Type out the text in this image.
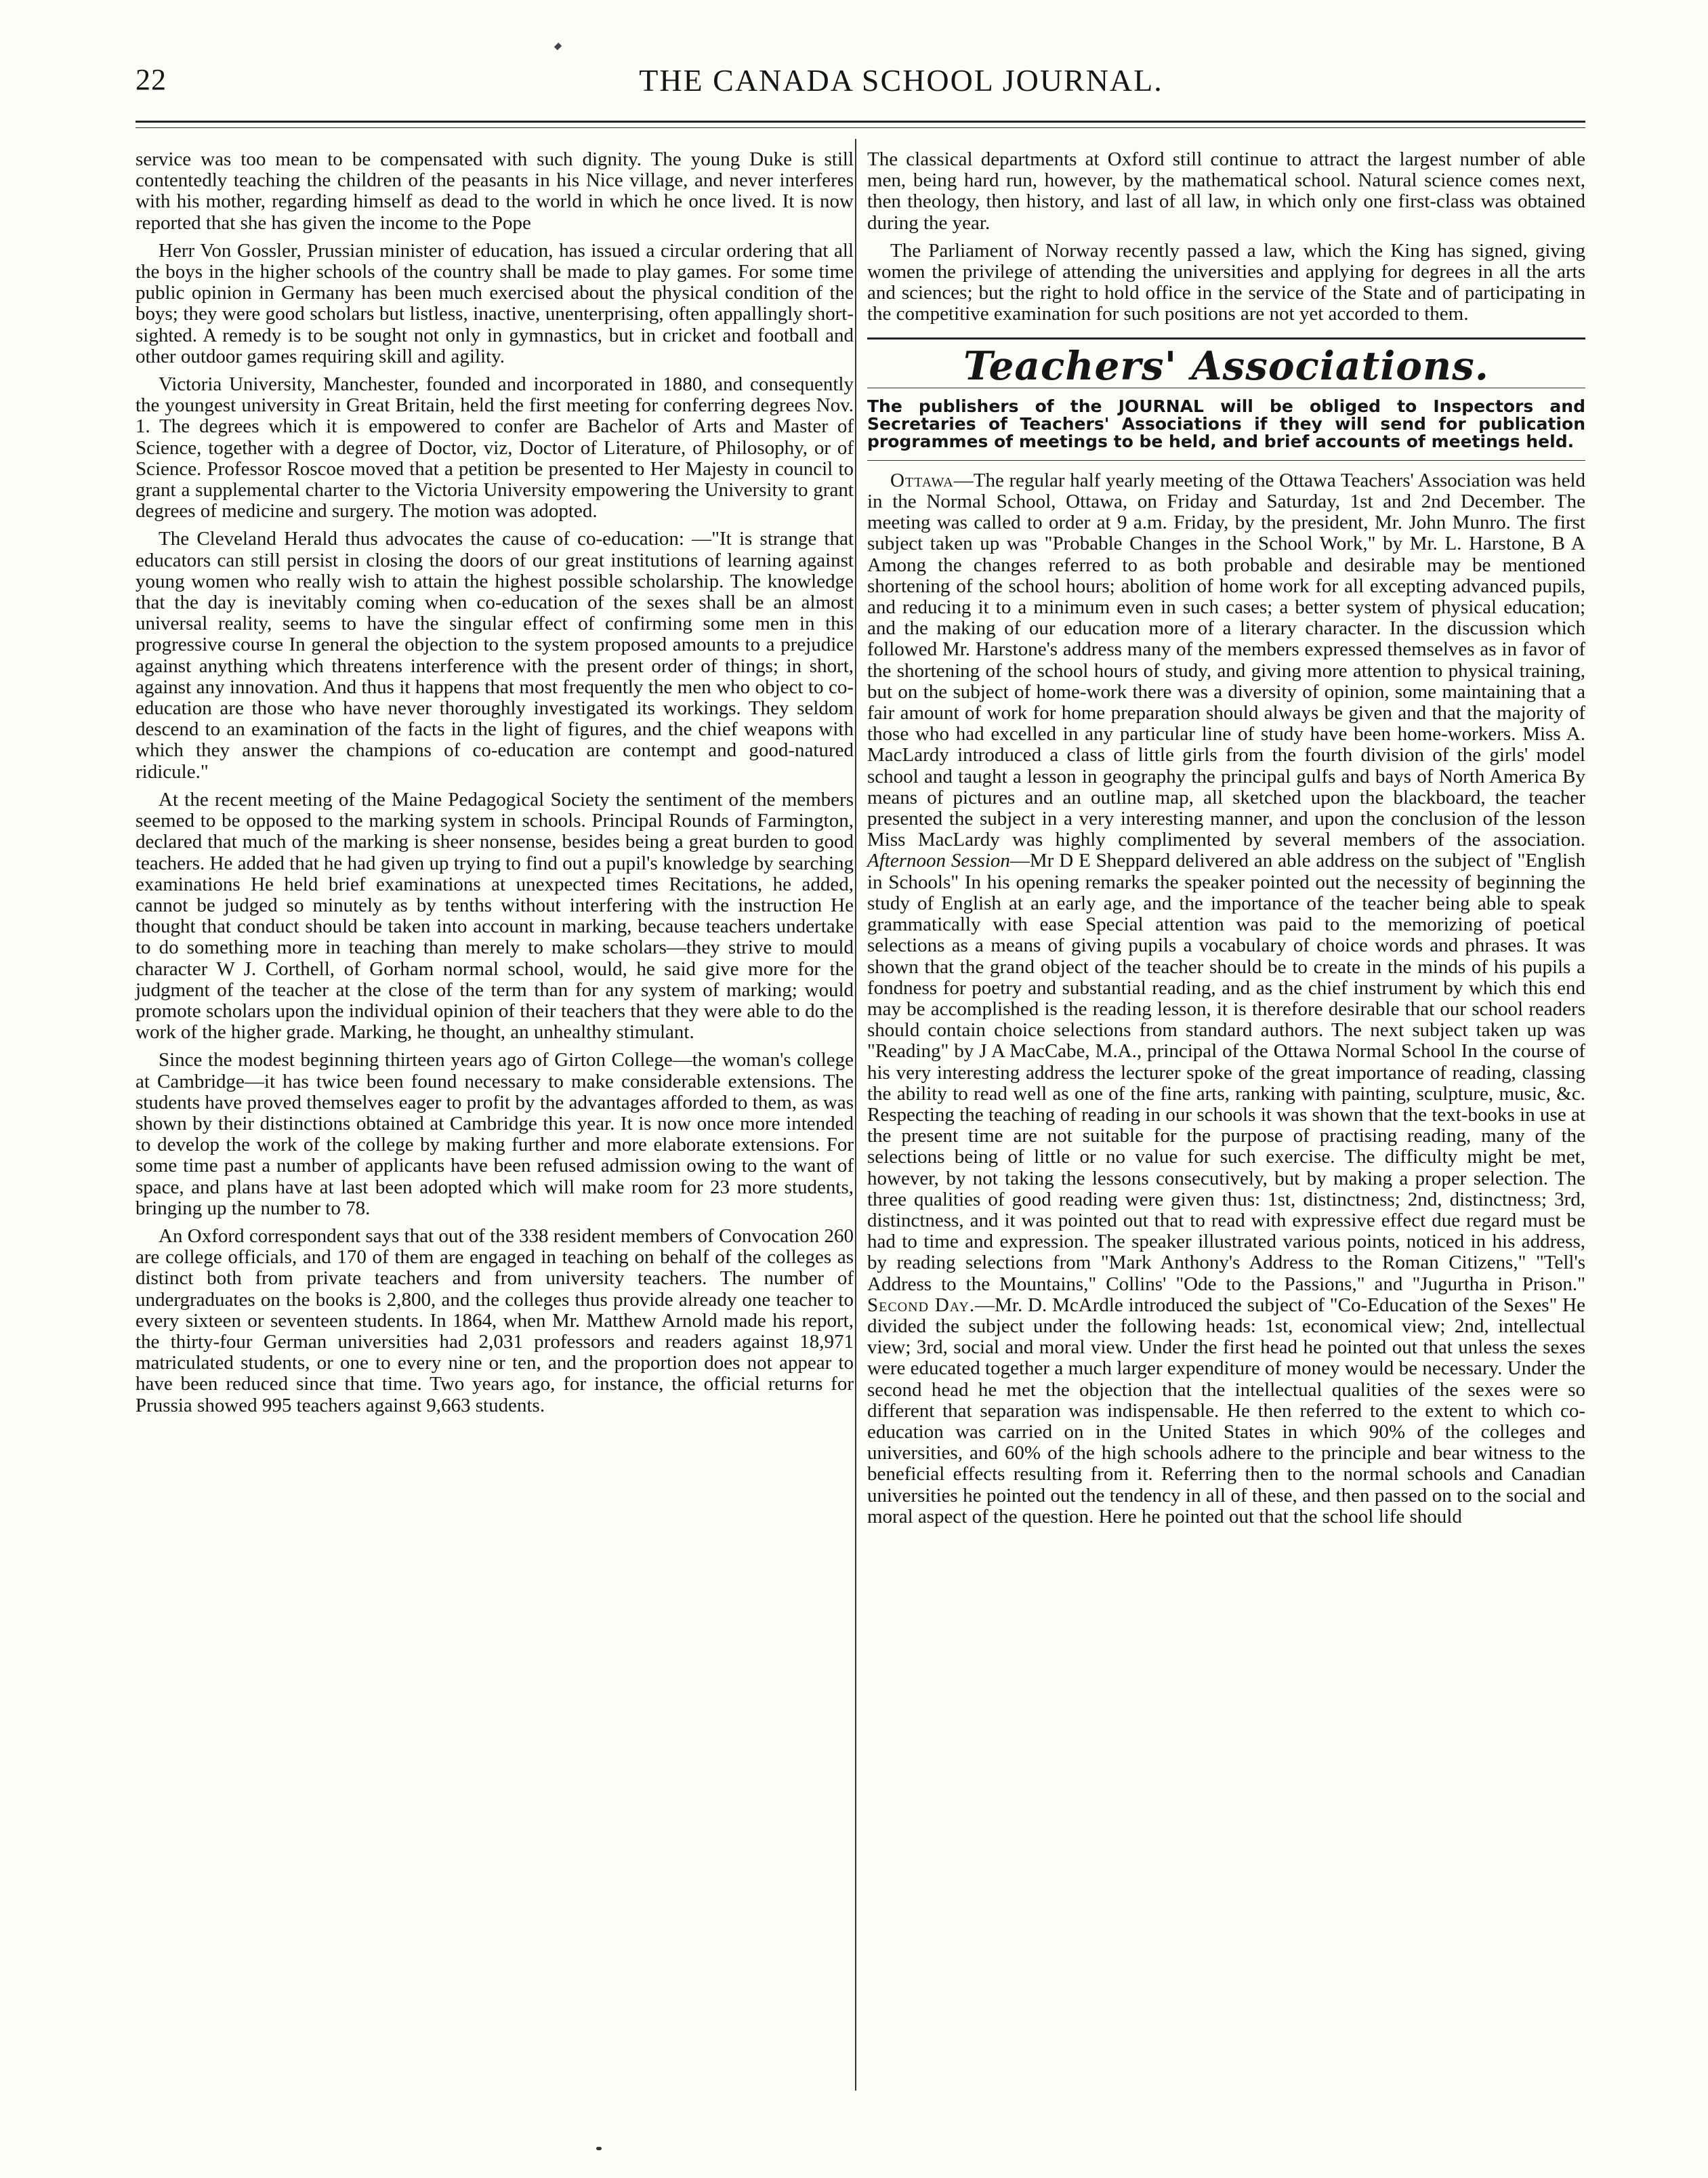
22	THE CANADA SCHOOL JOURNAL.

service was too mean to be compensated with such dignity. The young Duke is still contentedly teaching the children of the peasants in his Nice village, and never interferes with his mother, regarding himself as dead to the world in which he once lived. It is now reported that she has given the income to the Pope

Herr Von Gossler, Prussian minister of education, has issued a circular ordering that all the boys in the higher schools of the country shall be made to play games. For some time public opinion in Germany has been much exercised about the physical condition of the boys; they were good scholars but listless, inactive, unenterprising, often appallingly short-sighted. A remedy is to be sought not only in gymnastics, but in cricket and football and other outdoor games requiring skill and agility.

Victoria University, Manchester, founded and incorporated in 1880, and consequently the youngest university in Great Britain, held the first meeting for conferring degrees Nov. 1. The degrees which it is empowered to confer are Bachelor of Arts and Master of Science, together with a degree of Doctor, viz, Doctor of Literature, of Philosophy, or of Science. Professor Roscoe moved that a petition be presented to Her Majesty in council to grant a supplemental charter to the Victoria University empowering the University to grant degrees of medicine and surgery. The motion was adopted.

The Cleveland Herald thus advocates the cause of co-education: —"It is strange that educators can still persist in closing the doors of our great institutions of learning against young women who really wish to attain the highest possible scholarship. The knowledge that the day is inevitably coming when co-education of the sexes shall be an almost universal reality, seems to have the singular effect of confirming some men in this progressive course In general the objection to the system proposed amounts to a prejudice against anything which threatens interference with the present order of things; in short, against any innovation. And thus it happens that most frequently the men who object to co-education are those who have never thoroughly investigated its workings. They seldom descend to an examination of the facts in the light of figures, and the chief weapons with which they answer the champions of co-education are contempt and good-natured ridicule."

At the recent meeting of the Maine Pedagogical Society the sentiment of the members seemed to be opposed to the marking system in schools. Principal Rounds of Farmington, declared that much of the marking is sheer nonsense, besides being a great burden to good teachers. He added that he had given up trying to find out a pupil's knowledge by searching examinations He held brief examinations at unexpected times Recitations, he added, cannot be judged so minutely as by tenths without interfering with the instruction He thought that conduct should be taken into account in marking, because teachers undertake to do something more in teaching than merely to make scholars—they strive to mould character W J. Corthell, of Gorham normal school, would, he said give more for the judgment of the teacher at the close of the term than for any system of marking; would promote scholars upon the individual opinion of their teachers that they were able to do the work of the higher grade. Marking, he thought, an unhealthy stimulant.

Since the modest beginning thirteen years ago of Girton College—the woman's college at Cambridge—it has twice been found necessary to make considerable extensions. The students have proved themselves eager to profit by the advantages afforded to them, as was shown by their distinctions obtained at Cambridge this year. It is now once more intended to develop the work of the college by making further and more elaborate extensions. For some time past a number of applicants have been refused admission owing to the want of space, and plans have at last been adopted which will make room for 23 more students, bringing up the number to 78.

An Oxford correspondent says that out of the 338 resident members of Convocation 260 are college officials, and 170 of them are engaged in teaching on behalf of the colleges as distinct both from private teachers and from university teachers. The number of undergraduates on the books is 2,800, and the colleges thus provide already one teacher to every sixteen or seventeen students. In 1864, when Mr. Matthew Arnold made his report, the thirty-four German universities had 2,031 professors and readers against 18,971 matriculated students, or one to every nine or ten, and the proportion does not appear to have been reduced since that time. Two years ago, for instance, the official returns for Prussia showed 995 teachers against 9,663 students.

The classical departments at Oxford still continue to attract the largest number of able men, being hard run, however, by the mathematical school. Natural science comes next, then theology, then history, and last of all law, in which only one first-class was obtained during the year.

The Parliament of Norway recently passed a law, which the King has signed, giving women the privilege of attending the universities and applying for degrees in all the arts and sciences; but the right to hold office in the service of the State and of participating in the competitive examination for such positions are not yet accorded to them.

Teachers' Associations.
The publishers of the JOURNAL will be obliged to Inspectors and Secretaries of Teachers' Associations if they will send for publication programmes of meetings to be held, and brief accounts of meetings held.

Ottawa—The regular half yearly meeting of the Ottawa Teachers' Association was held in the Normal School, Ottawa, on Friday and Saturday, 1st and 2nd December. The meeting was called to order at 9 a.m. Friday, by the president, Mr. John Munro. The first subject taken up was "Probable Changes in the School Work," by Mr. L. Harstone, B A Among the changes referred to as both probable and desirable may be mentioned shortening of the school hours; abolition of home work for all excepting advanced pupils, and reducing it to a minimum even in such cases; a better system of physical education; and the making of our education more of a literary character. In the discussion which followed Mr. Harstone's address many of the members expressed themselves as in favor of the shortening of the school hours of study, and giving more attention to physical training, but on the subject of home-work there was a diversity of opinion, some maintaining that a fair amount of work for home preparation should always be given and that the majority of those who had excelled in any particular line of study have been home-workers. Miss A. MacLardy introduced a class of little girls from the fourth division of the girls' model school and taught a lesson in geography the principal gulfs and bays of North America By means of pictures and an outline map, all sketched upon the blackboard, the teacher presented the subject in a very interesting manner, and upon the conclusion of the lesson Miss MacLardy was highly complimented by several members of the association. Afternoon Session—Mr D E Sheppard delivered an able address on the subject of "English in Schools" In his opening remarks the speaker pointed out the necessity of beginning the study of English at an early age, and the importance of the teacher being able to speak grammatically with ease Special attention was paid to the memorizing of poetical selections as a means of giving pupils a vocabulary of choice words and phrases. It was shown that the grand object of the teacher should be to create in the minds of his pupils a fondness for poetry and substantial reading, and as the chief instrument by which this end may be accomplished is the reading lesson, it is therefore desirable that our school readers should contain choice selections from standard authors. The next subject taken up was "Reading" by J A MacCabe, M.A., principal of the Ottawa Normal School In the course of his very interesting address the lecturer spoke of the great importance of reading, classing the ability to read well as one of the fine arts, ranking with painting, sculpture, music, &c. Respecting the teaching of reading in our schools it was shown that the text-books in use at the present time are not suitable for the purpose of practising reading, many of the selections being of little or no value for such exercise. The difficulty might be met, however, by not taking the lessons consecutively, but by making a proper selection. The three qualities of good reading were given thus: 1st, distinctness; 2nd, distinctness; 3rd, distinctness, and it was pointed out that to read with expressive effect due regard must be had to time and expression. The speaker illustrated various points, noticed in his address, by reading selections from "Mark Anthony's Address to the Roman Citizens," "Tell's Address to the Mountains," Collins' "Ode to the Passions," and "Jugurtha in Prison." Second Day.—Mr. D. McArdle introduced the subject of "Co-Education of the Sexes" He divided the subject under the following heads: 1st, economical view; 2nd, intellectual view; 3rd, social and moral view. Under the first head he pointed out that unless the sexes were educated together a much larger expenditure of money would be necessary. Under the second head he met the objection that the intellectual qualities of the sexes were so different that separation was indispensable. He then referred to the extent to which co-education was carried on in the United States in which 90% of the colleges and universities, and 60% of the high schools adhere to the principle and bear witness to the beneficial effects resulting from it. Referring then to the normal schools and Canadian universities he pointed out the tendency in all of these, and then passed on to the social and moral aspect of the question. Here he pointed out that the school life should
